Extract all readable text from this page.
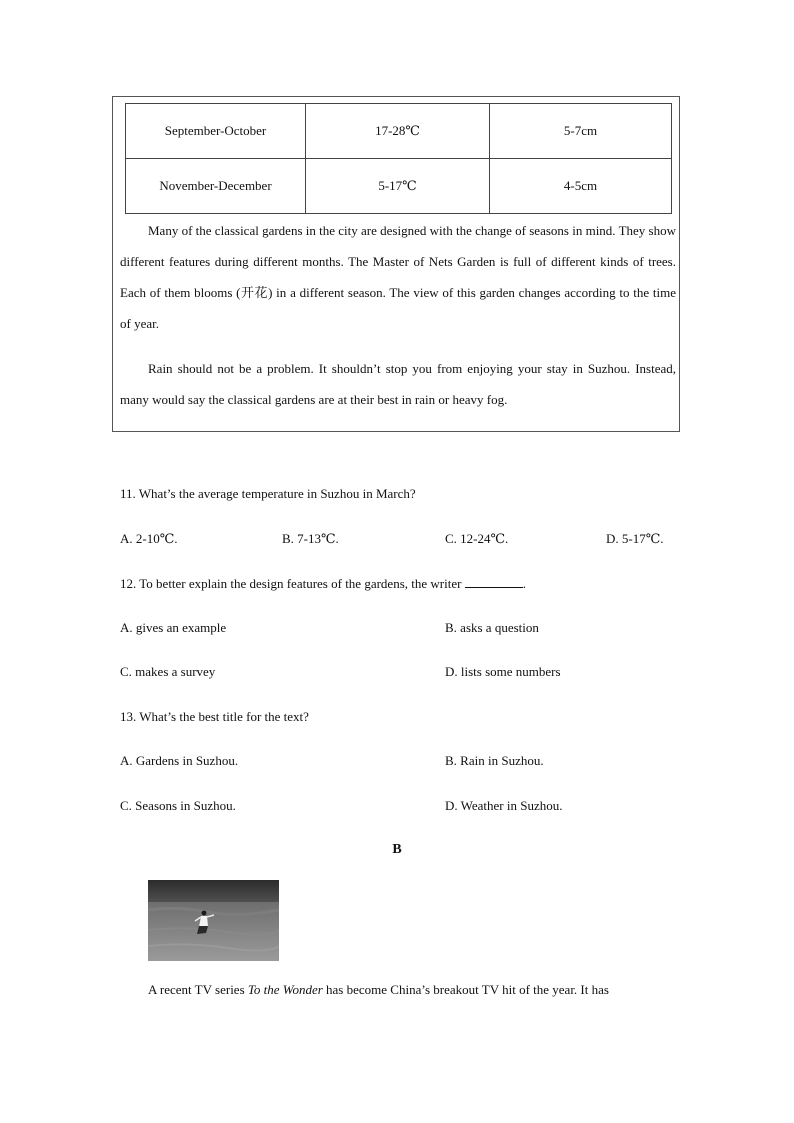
September-October	17-28℃	5-7cm
November-December	5-17℃	4-5cm

Many of the classical gardens in the city are designed with the change of seasons in mind. They show different features during different months. The Master of Nets Garden is full of different kinds of trees. Each of them blooms (开花) in a different season. The view of this garden changes according to the time of year.

Rain should not be a problem. It shouldn’t stop you from enjoying your stay in Suzhou. Instead, many would say the classical gardens are at their best in rain or heavy fog.

11. What’s the average temperature in Suzhou in March?

A. 2-10℃.	B. 7-13℃.	C. 12-24℃.	D. 5-17℃.

12. To better explain the design features of the gardens, the writer	.

A. gives an example	B. asks a question
C. makes a survey	D. lists some numbers

13. What’s the best title for the text?

A. Gardens in Suzhou.	B. Rain in Suzhou.
C. Seasons in Suzhou.	D. Weather in Suzhou.
B
A recent TV series To the Wonder has become China’s breakout TV hit of the year. It has
